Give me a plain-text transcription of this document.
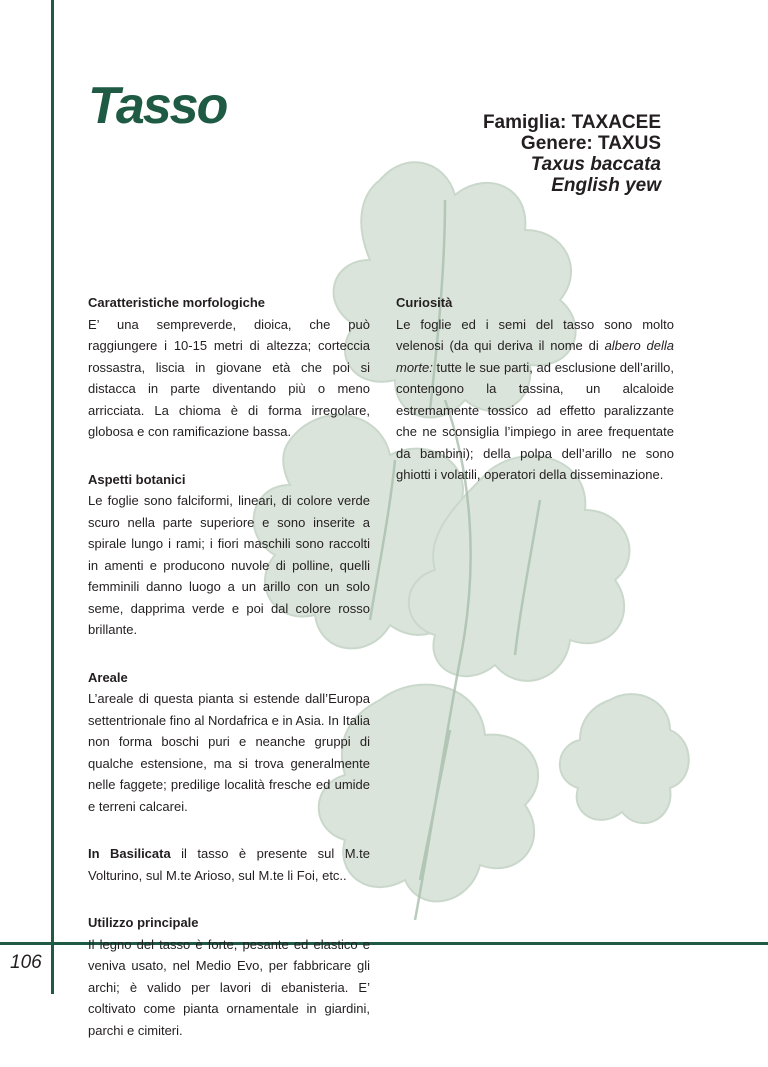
Tasso	Famiglia: TAXACEE
Genere: TAXUS
Taxus baccata
English yew
Caratteristiche morfologiche

E’ una sempreverde, dioica, che può raggiungere i 10-15 metri di altezza; corteccia rossastra, liscia in giovane età che poi si distacca in parte diventando più o meno arricciata. La chioma è di forma irregolare, globosa e con ramificazione bassa.

Aspetti botanici

Le foglie sono falciformi, lineari, di colore verde scuro nella parte superiore e sono inserite a spirale lungo i rami; i fiori maschili sono raccolti in amenti e producono nuvole di polline, quelli femminili danno luogo a un arillo con un solo seme, dapprima verde e poi dal colore rosso brillante.

Areale

L’areale di questa pianta si estende dall’Europa settentrionale fino al Nordafrica e in Asia. In Italia non forma boschi puri e neanche gruppi di qualche estensione, ma si trova generalmente nelle faggete; predilige località fresche ed umide e terreni calcarei.

In Basilicata il tasso è presente sul M.te Volturino, sul M.te Arioso, sul M.te li Foi, etc..

Utilizzo principale

Il legno del tasso è forte, pesante ed elastico e veniva usato, nel Medio Evo, per fabbricare gli archi; è valido per lavori di ebanisteria. E’ coltivato come pianta ornamentale in giardini, parchi e cimiteri.

Curiosità

Le foglie ed i semi del tasso sono molto velenosi (da qui deriva il nome di albero della morte: tutte le sue parti, ad esclusione dell’arillo, contengono la tassina, un alcaloide estremamente tossico ad effetto paralizzante che ne sconsiglia l’impiego in aree frequentate da bambini); della polpa dell’arillo ne sono ghiotti i volatili, operatori della disseminazione.

106
